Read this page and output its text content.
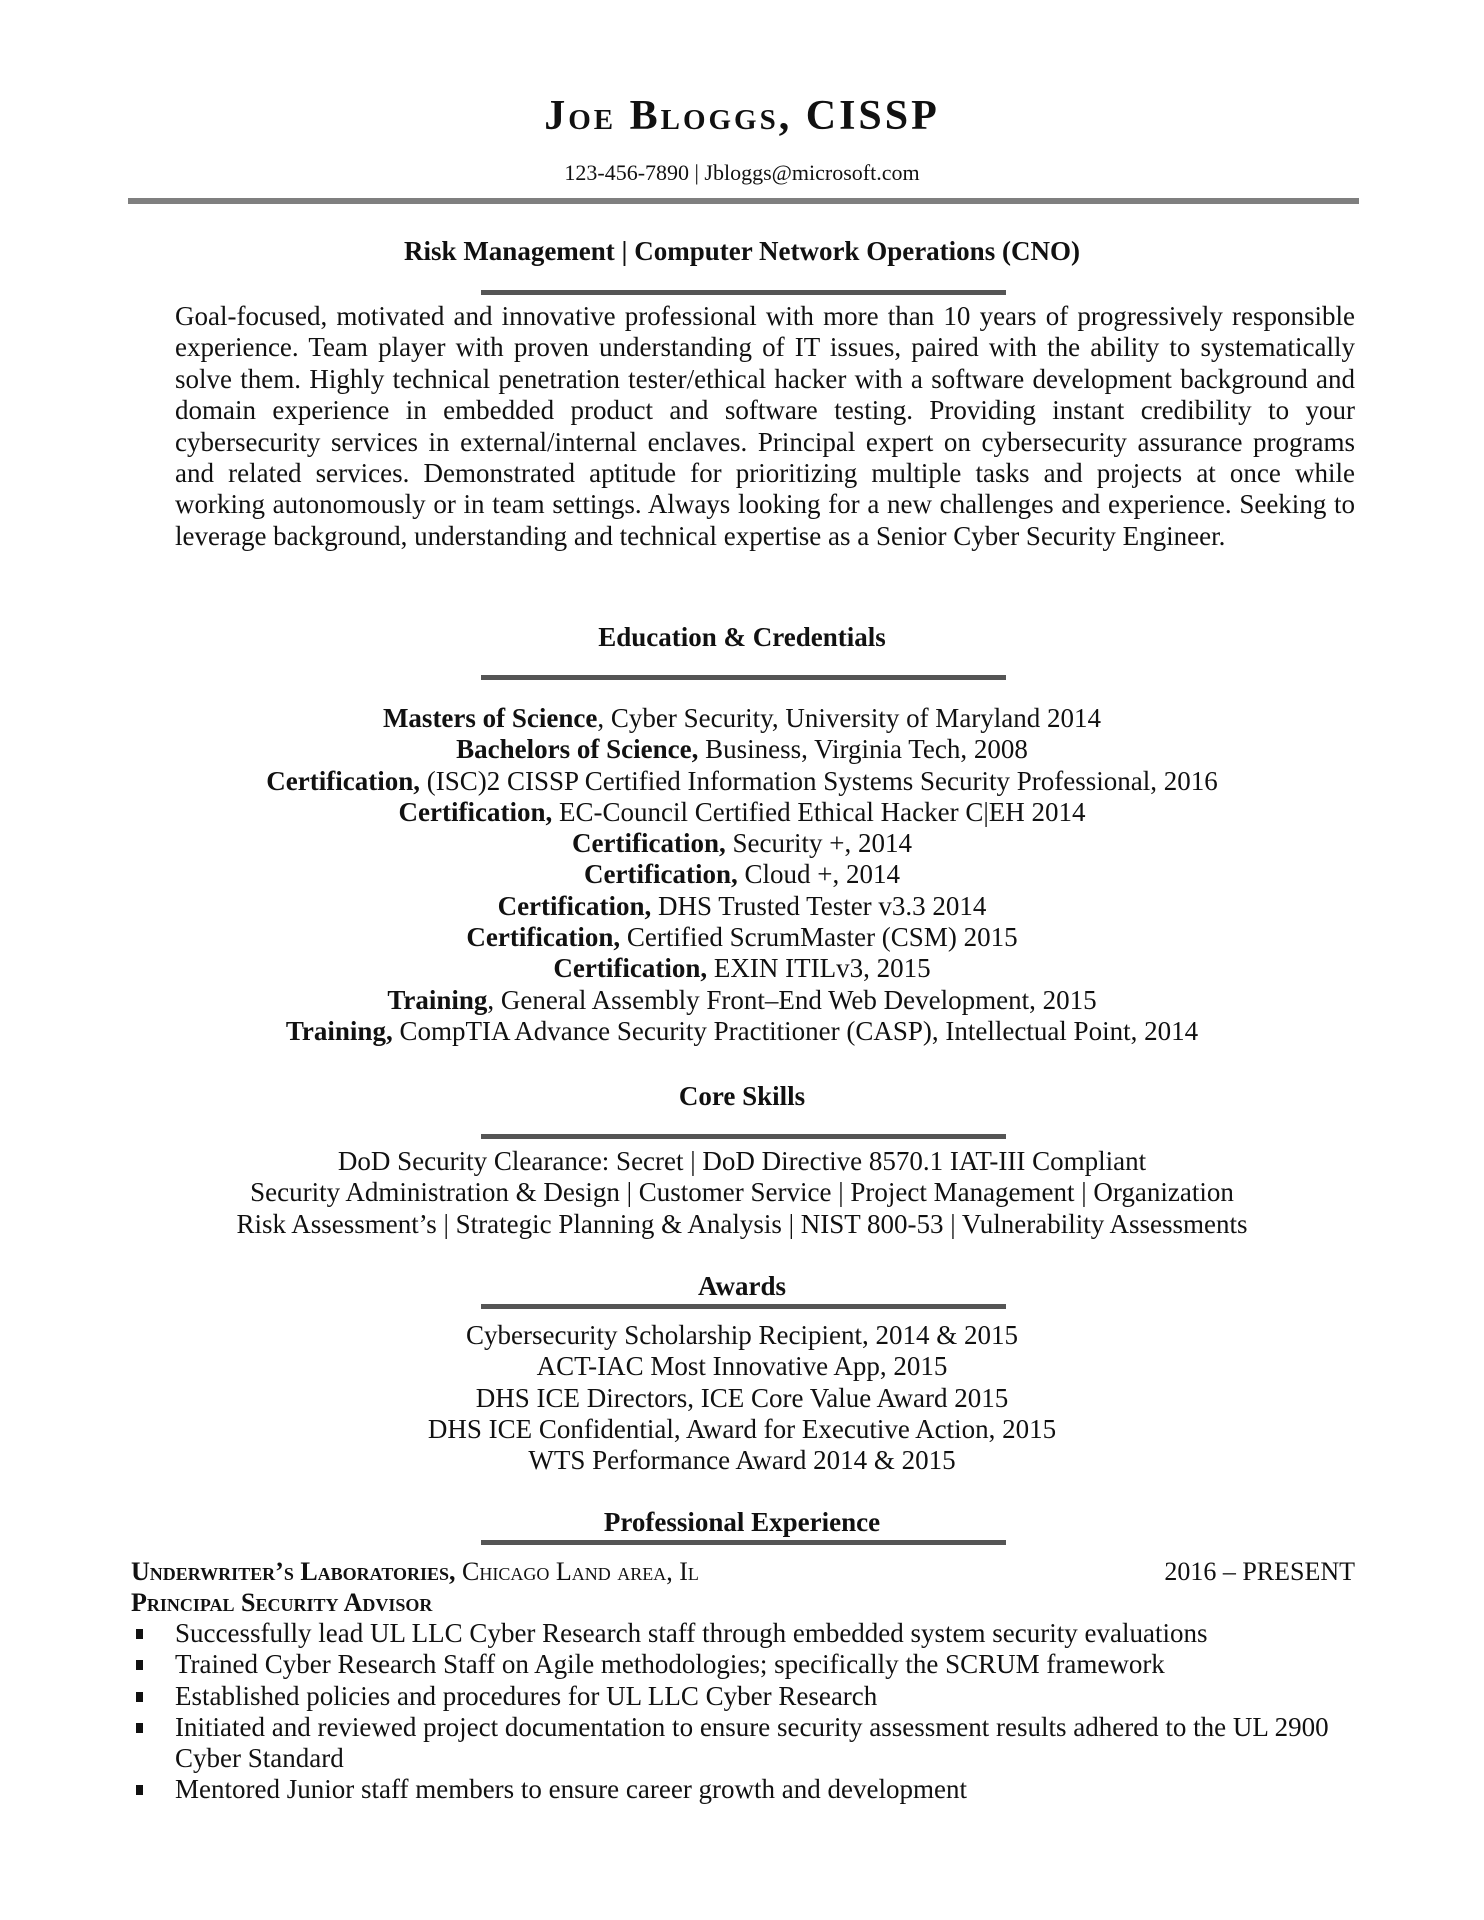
Joe Bloggs, CISSP
123-456-7890 | Jbloggs@microsoft.com
Risk Management | Computer Network Operations (CNO)
Goal-focused, motivated and innovative professional with more than 10 years of progressively responsible experience. Team player with proven understanding of IT issues, paired with the ability to systematically solve them. Highly technical penetration tester/ethical hacker with a software development background and domain experience in embedded product and software testing. Providing instant credibility to your cybersecurity services in external/internal enclaves. Principal expert on cybersecurity assurance programs and related services. Demonstrated aptitude for prioritizing multiple tasks and projects at once while working autonomously or in team settings. Always looking for a new challenges and experience. Seeking to leverage background, understanding and technical expertise as a Senior Cyber Security Engineer.
Education & Credentials
Masters of Science, Cyber Security, University of Maryland 2014
Bachelors of Science, Business, Virginia Tech, 2008
Certification, (ISC)2 CISSP Certified Information Systems Security Professional, 2016
Certification, EC-Council Certified Ethical Hacker C|EH 2014
Certification, Security +, 2014
Certification, Cloud +, 2014
Certification, DHS Trusted Tester v3.3 2014
Certification, Certified ScrumMaster (CSM) 2015
Certification, EXIN ITILv3, 2015
Training, General Assembly Front–End Web Development, 2015
Training, CompTIA Advance Security Practitioner (CASP), Intellectual Point, 2014
Core Skills
DoD Security Clearance: Secret | DoD Directive 8570.1 IAT-III Compliant
Security Administration & Design | Customer Service | Project Management | Organization
Risk Assessment’s | Strategic Planning & Analysis | NIST 800-53 | Vulnerability Assessments
Awards
Cybersecurity Scholarship Recipient, 2014 & 2015
ACT-IAC Most Innovative App, 2015
DHS ICE Directors, ICE Core Value Award 2015
DHS ICE Confidential, Award for Executive Action, 2015
WTS Performance Award 2014 & 2015
Professional Experience
Underwriter’s Laboratories, Chicago Land area, Il	2016 – PRESENT
Principal Security Advisor
Successfully lead UL LLC Cyber Research staff through embedded system security evaluations
Trained Cyber Research Staff on Agile methodologies; specifically the SCRUM framework
Established policies and procedures for UL LLC Cyber Research
Initiated and reviewed project documentation to ensure security assessment results adhered to the UL 2900 Cyber Standard
Mentored Junior staff members to ensure career growth and development
